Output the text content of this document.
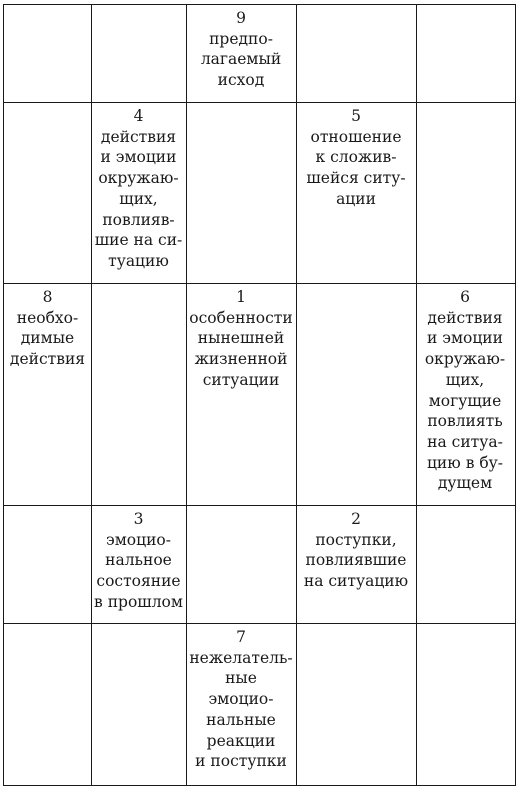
9
предпо-
лагаемый
исход
4
действия
и эмоции
окружаю-
щих,
повлияв-
шие на си-
туацию
5
отношение
к сложив-
шейся ситу-
ации
8
необхо-
димые
действия
1
особенности
нынешней
жизненной
ситуации
6
действия
и эмоции
окружаю-
щих,
могущие
повлиять
на ситуа-
цию в бу-
дущем
3
эмоцио-
нальное
состояние
в прошлом
2
поступки,
повлиявшие
на ситуацию
7
нежелатель-
ные
эмоцио-
нальные
реакции
и поступки
